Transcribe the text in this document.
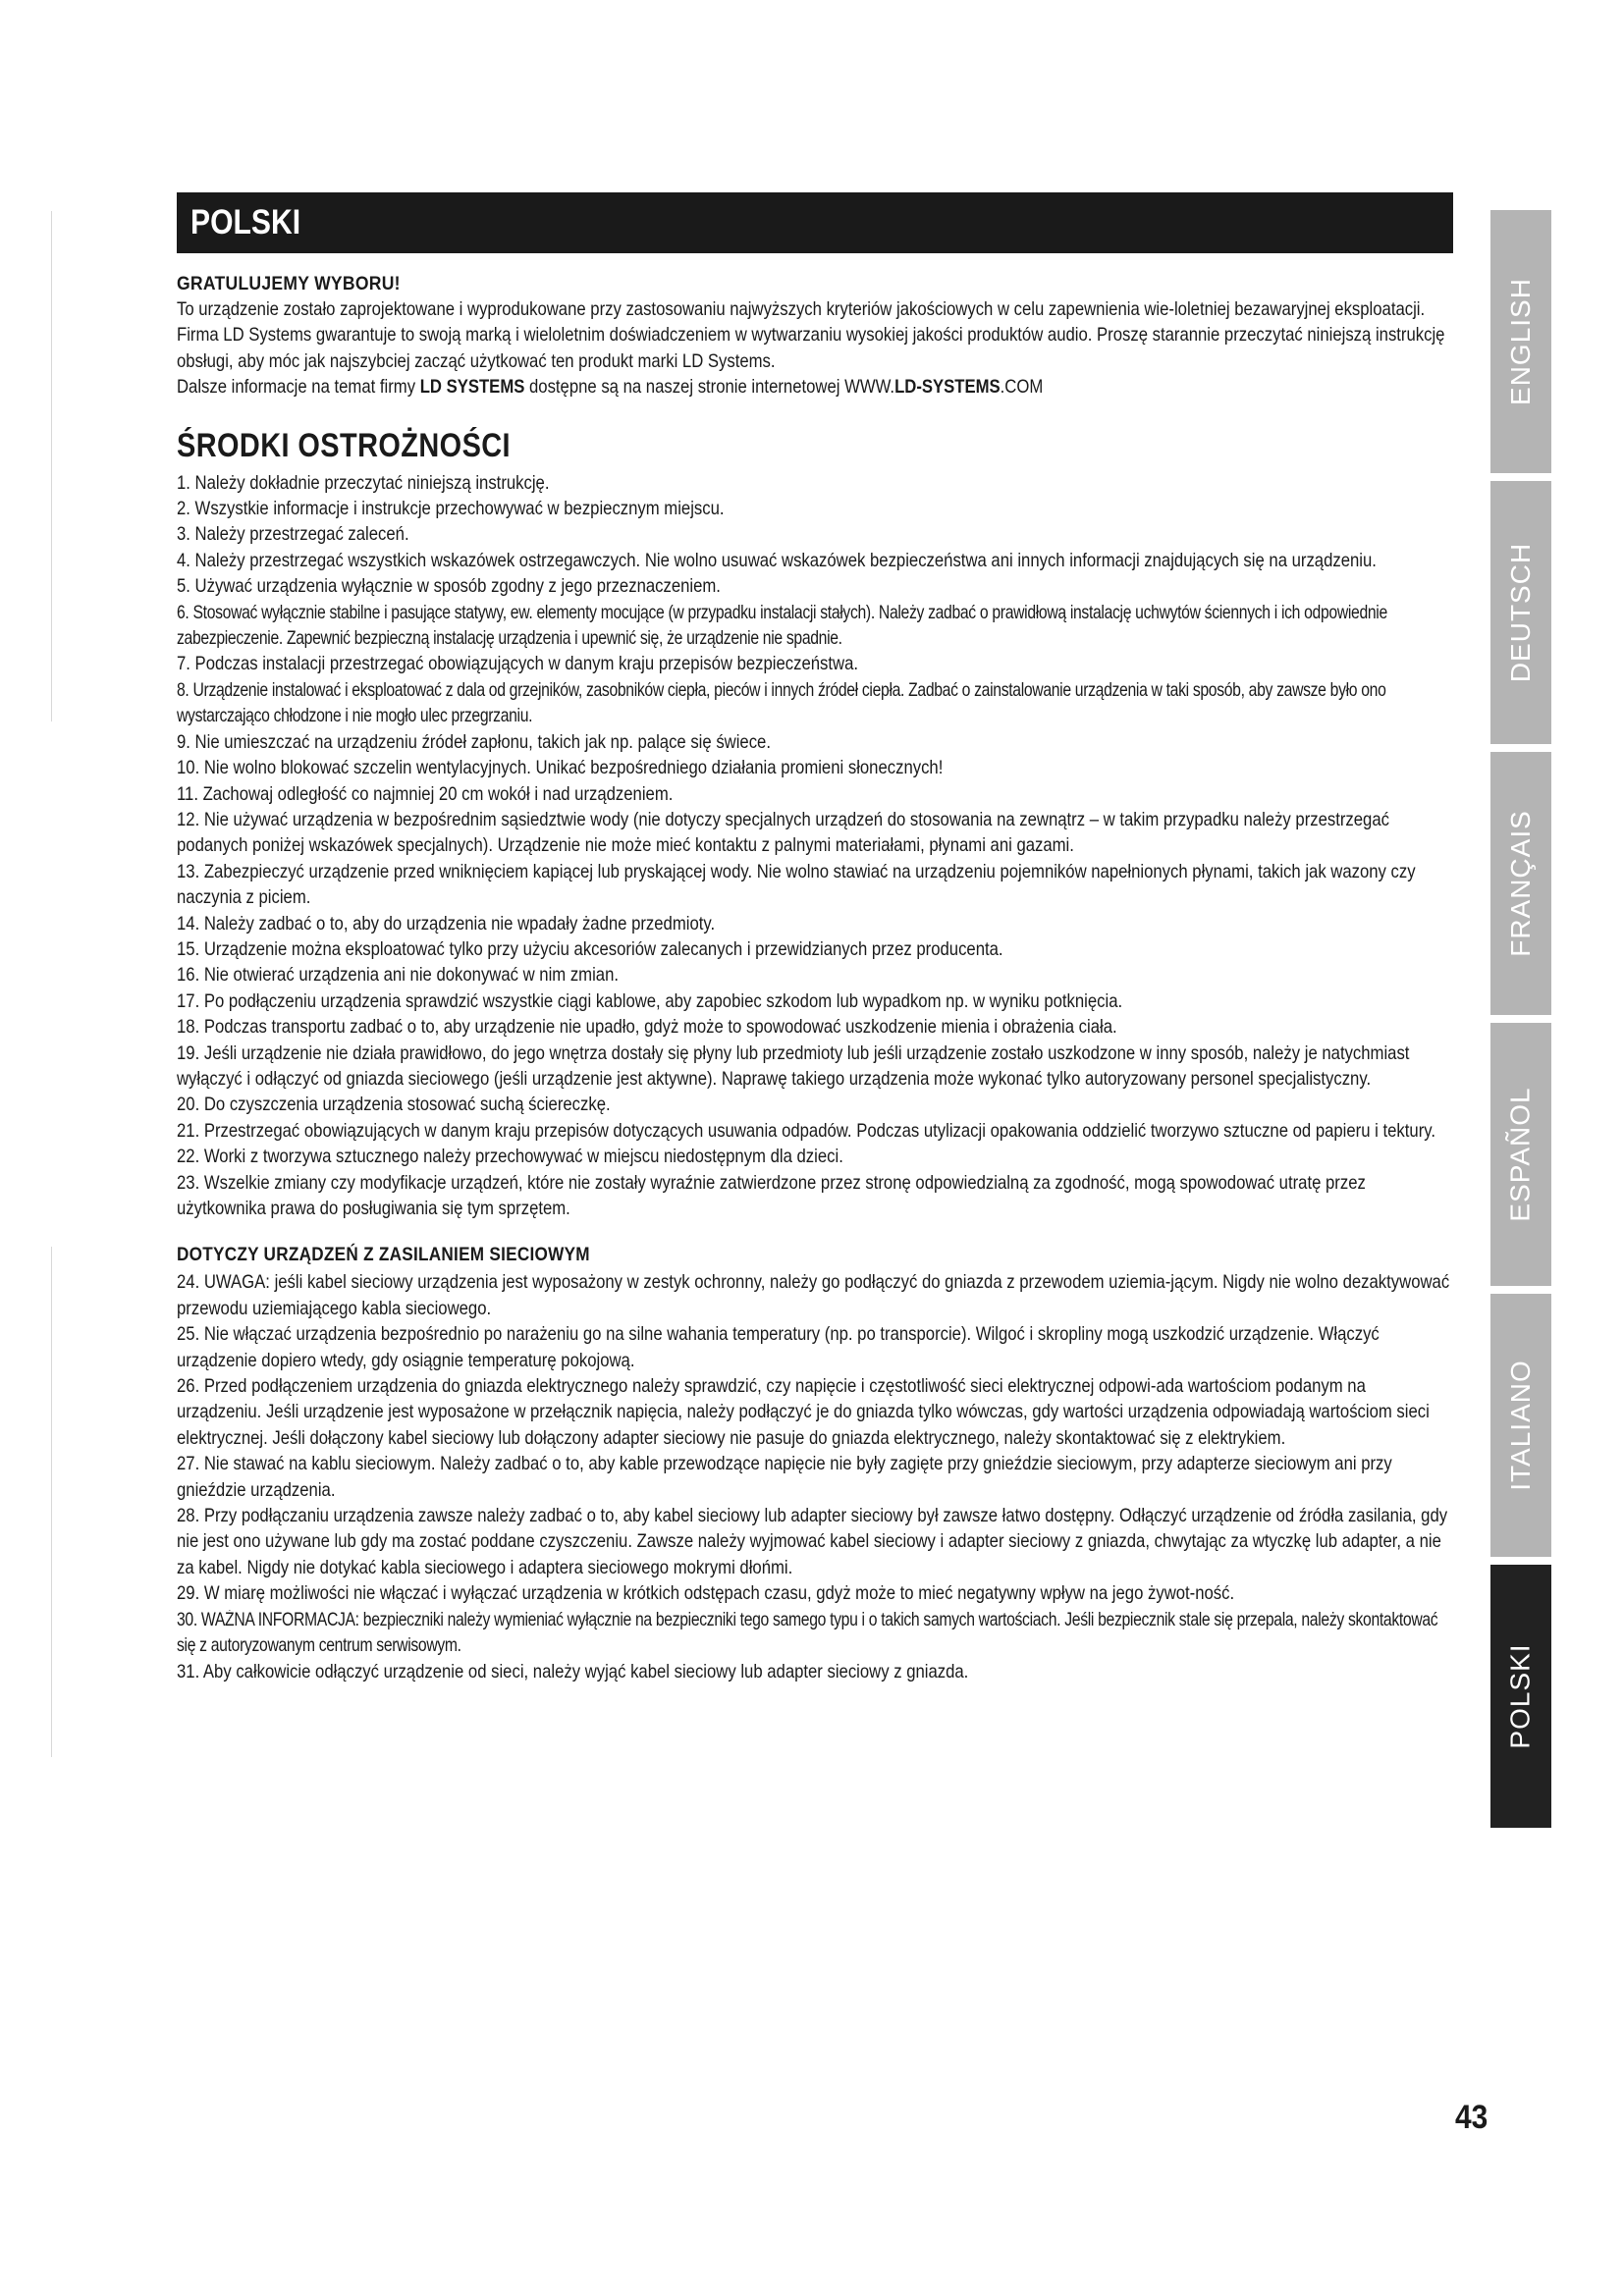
POLSKI
GRATULUJEMY WYBORU!

To urządzenie zostało zaprojektowane i wyprodukowane przy zastosowaniu najwyższych kryteriów jakościowych w celu zapewnienia wie-loletniej bezawaryjnej eksploatacji. Firma LD Systems gwarantuje to swoją marką i wieloletnim doświadczeniem w wytwarzaniu wysokiej jakości produktów audio. Proszę starannie przeczytać niniejszą instrukcję obsługi, aby móc jak najszybciej zacząć użytkować ten produkt marki LD Systems.

Dalsze informacje na temat firmy LD SYSTEMS dostępne są na naszej stronie internetowej WWW.LD-SYSTEMS.COM

ŚRODKI OSTROŻNOŚCI
1. Należy dokładnie przeczytać niniejszą instrukcję.
2. Wszystkie informacje i instrukcje przechowywać w bezpiecznym miejscu.
3. Należy przestrzegać zaleceń.
4. Należy przestrzegać wszystkich wskazówek ostrzegawczych. Nie wolno usuwać wskazówek bezpieczeństwa ani innych informacji znajdujących się na urządzeniu.
5. Używać urządzenia wyłącznie w sposób zgodny z jego przeznaczeniem.
6. Stosować wyłącznie stabilne i pasujące statywy, ew. elementy mocujące (w przypadku instalacji stałych). Należy zadbać o prawidłową instalację uchwytów ściennych i ich odpowiednie zabezpieczenie. Zapewnić bezpieczną instalację urządzenia i upewnić się, że urządzenie nie spadnie.
7. Podczas instalacji przestrzegać obowiązujących w danym kraju przepisów bezpieczeństwa.
8. Urządzenie instalować i eksploatować z dala od grzejników, zasobników ciepła, pieców i innych źródeł ciepła. Zadbać o zainstalowanie urządzenia w taki sposób, aby zawsze było ono wystarczająco chłodzone i nie mogło ulec przegrzaniu.
9. Nie umieszczać na urządzeniu źródeł zapłonu, takich jak np. palące się świece.
10. Nie wolno blokować szczelin wentylacyjnych. Unikać bezpośredniego działania promieni słonecznych!
11. Zachowaj odległość co najmniej 20 cm wokół i nad urządzeniem.
12. Nie używać urządzenia w bezpośrednim sąsiedztwie wody (nie dotyczy specjalnych urządzeń do stosowania na zewnątrz – w takim przypadku należy przestrzegać podanych poniżej wskazówek specjalnych). Urządzenie nie może mieć kontaktu z palnymi materiałami, płynami ani gazami.
13. Zabezpieczyć urządzenie przed wniknięciem kapiącej lub pryskającej wody. Nie wolno stawiać na urządzeniu pojemników napełnionych płynami, takich jak wazony czy naczynia z piciem.
14. Należy zadbać o to, aby do urządzenia nie wpadały żadne przedmioty.
15. Urządzenie można eksploatować tylko przy użyciu akcesoriów zalecanych i przewidzianych przez producenta.
16. Nie otwierać urządzenia ani nie dokonywać w nim zmian.
17. Po podłączeniu urządzenia sprawdzić wszystkie ciągi kablowe, aby zapobiec szkodom lub wypadkom np. w wyniku potknięcia.
18. Podczas transportu zadbać o to, aby urządzenie nie upadło, gdyż może to spowodować uszkodzenie mienia i obrażenia ciała.
19. Jeśli urządzenie nie działa prawidłowo, do jego wnętrza dostały się płyny lub przedmioty lub jeśli urządzenie zostało uszkodzone w inny sposób, należy je natychmiast wyłączyć i odłączyć od gniazda sieciowego (jeśli urządzenie jest aktywne). Naprawę takiego urządzenia może wykonać tylko autoryzowany personel specjalistyczny.
20. Do czyszczenia urządzenia stosować suchą ściereczkę.
21. Przestrzegać obowiązujących w danym kraju przepisów dotyczących usuwania odpadów. Podczas utylizacji opakowania oddzielić tworzywo sztuczne od papieru i tektury.
22. Worki z tworzywa sztucznego należy przechowywać w miejscu niedostępnym dla dzieci.
23. Wszelkie zmiany czy modyfikacje urządzeń, które nie zostały wyraźnie zatwierdzone przez stronę odpowiedzialną za zgodność, mogą spowodować utratę przez użytkownika prawa do posługiwania się tym sprzętem.
DOTYCZY URZĄDZEŃ Z ZASILANIEM SIECIOWYM
24. UWAGA: jeśli kabel sieciowy urządzenia jest wyposażony w zestyk ochronny, należy go podłączyć do gniazda z przewodem uziemia-jącym. Nigdy nie wolno dezaktywować przewodu uziemiającego kabla sieciowego.
25. Nie włączać urządzenia bezpośrednio po narażeniu go na silne wahania temperatury (np. po transporcie). Wilgoć i skropliny mogą uszkodzić urządzenie. Włączyć urządzenie dopiero wtedy, gdy osiągnie temperaturę pokojową.
26. Przed podłączeniem urządzenia do gniazda elektrycznego należy sprawdzić, czy napięcie i częstotliwość sieci elektrycznej odpowi-ada wartościom podanym na urządzeniu. Jeśli urządzenie jest wyposażone w przełącznik napięcia, należy podłączyć je do gniazda tylko wówczas, gdy wartości urządzenia odpowiadają wartościom sieci elektrycznej. Jeśli dołączony kabel sieciowy lub dołączony adapter sieciowy nie pasuje do gniazda elektrycznego, należy skontaktować się z elektrykiem.
27. Nie stawać na kablu sieciowym. Należy zadbać o to, aby kable przewodzące napięcie nie były zagięte przy gnieździe sieciowym, przy adapterze sieciowym ani przy gnieździe urządzenia.
28. Przy podłączaniu urządzenia zawsze należy zadbać o to, aby kabel sieciowy lub adapter sieciowy był zawsze łatwo dostępny. Odłączyć urządzenie od źródła zasilania, gdy nie jest ono używane lub gdy ma zostać poddane czyszczeniu. Zawsze należy wyjmować kabel sieciowy i adapter sieciowy z gniazda, chwytając za wtyczkę lub adapter, a nie za kabel. Nigdy nie dotykać kabla sieciowego i adaptera sieciowego mokrymi dłońmi.
29. W miarę możliwości nie włączać i wyłączać urządzenia w krótkich odstępach czasu, gdyż może to mieć negatywny wpływ na jego żywot-ność.
30. WAŻNA INFORMACJA: bezpieczniki należy wymieniać wyłącznie na bezpieczniki tego samego typu i o takich samych wartościach. Jeśli bezpiecznik stale się przepala, należy skontaktować się z autoryzowanym centrum serwisowym.
31. Aby całkowicie odłączyć urządzenie od sieci, należy wyjąć kabel sieciowy lub adapter sieciowy z gniazda.
ENGLISH
DEUTSCH
FRANÇAIS
ESPAÑOL
ITALIANO
POLSKI
43
